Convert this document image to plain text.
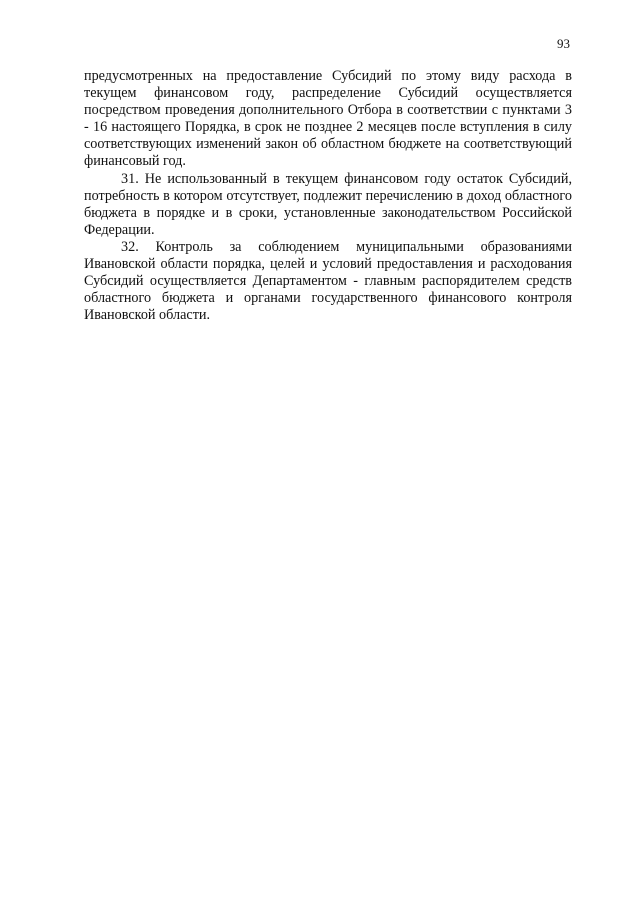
93

предусмотренных на предоставление Субсидий по этому виду расхода в текущем финансовом году, распределение Субсидий осуществляется посредством проведения дополнительного Отбора в соответствии с пунктами 3 - 16 настоящего Порядка, в срок не позднее 2 месяцев после вступления в силу соответствующих изменений закон об областном бюджете на соответствующий финансовый год.

31. Не использованный в текущем финансовом году остаток Субсидий, потребность в котором отсутствует, подлежит перечислению в доход областного бюджета в порядке и в сроки, установленные законодательством Российской Федерации.

32. Контроль за соблюдением муниципальными образованиями Ивановской области порядка, целей и условий предоставления и расходования Субсидий осуществляется Департаментом - главным распорядителем средств областного бюджета и органами государственного финансового контроля Ивановской области.
